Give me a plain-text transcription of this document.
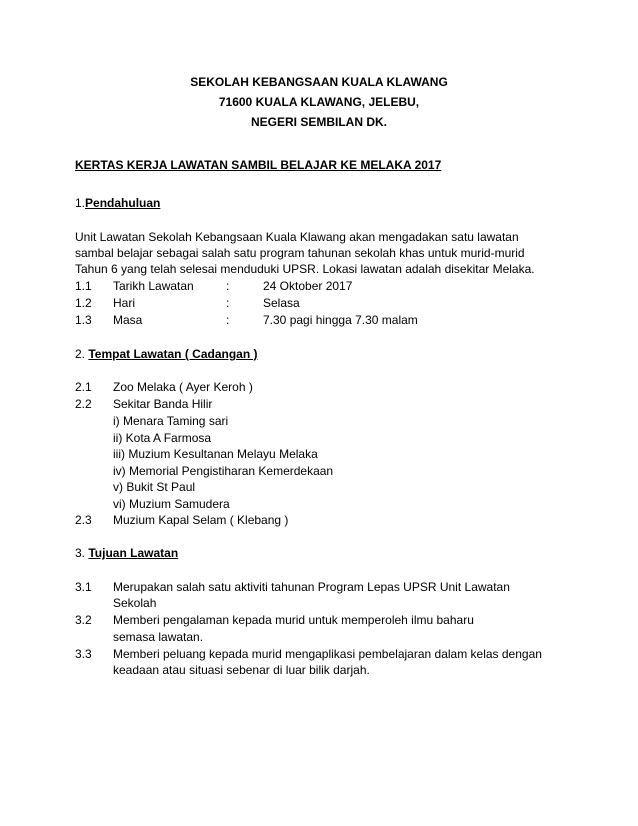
SEKOLAH KEBANGSAAN KUALA KLAWANG
71600 KUALA KLAWANG, JELEBU,
NEGERI SEMBILAN DK.
KERTAS KERJA LAWATAN SAMBIL BELAJAR KE MELAKA 2017
1.Pendahuluan
Unit Lawatan Sekolah Kebangsaan Kuala Klawang akan mengadakan satu lawatan
sambal belajar sebagai salah satu program tahunan sekolah khas untuk murid-murid
Tahun 6 yang telah selesai menduduki UPSR. Lokasi lawatan adalah disekitar Melaka.
1.1 Tarikh Lawatan	:	24 Oktober 2017
1.2 Hari	:	Selasa
1.3 Masa	:	7.30 pagi hingga 7.30 malam
2. Tempat Lawatan ( Cadangan )
2.1 Zoo Melaka ( Ayer Keroh )
2.2 Sekitar Banda Hilir
i) Menara Taming sari
ii) Kota A Farmosa
iii) Muzium Kesultanan Melayu Melaka
iv) Memorial Pengistiharan Kemerdekaan
v) Bukit St Paul
vi) Muzium Samudera
2.3 Muzium Kapal Selam ( Klebang )
3. Tujuan Lawatan
3.1 Merupakan salah satu aktiviti tahunan Program Lepas UPSR Unit Lawatan
Sekolah
3.2 Memberi pengalaman kepada murid untuk memperoleh ilmu baharu
semasa lawatan.
3.3 Memberi peluang kepada murid mengaplikasi pembelajaran dalam kelas dengan
keadaan atau situasi sebenar di luar bilik darjah.
